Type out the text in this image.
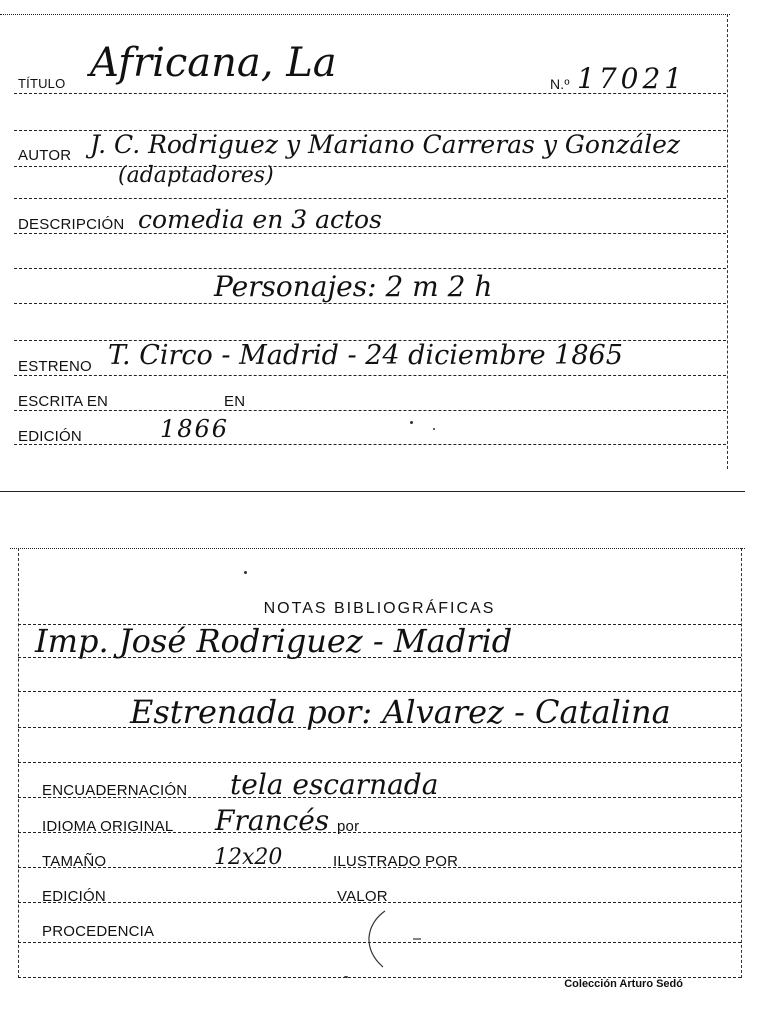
TÍTULO Africana, La	N.º 17021
AUTOR J. C. Rodriguez y Mariano Carreras y González
(adaptadores)
DESCRIPCIÓN comedia en 3 actos
Personajes: 2 m 2 h
ESTRENO T. Circo - Madrid - 24 diciembre 1865
ESCRITA EN	EN
EDICIÓN	1866
NOTAS BIBLIOGRÁFICAS
Imp. José Rodriguez - Madrid
Estrenada por: Alvarez - Catalina
ENCUADERNACIÓN tela escarnada
IDIOMA ORIGINAL Francés por
TAMAÑO	12x20	ILUSTRADO POR
EDICIÓN	VALOR
PROCEDENCIA
Colección Arturo Sedó
